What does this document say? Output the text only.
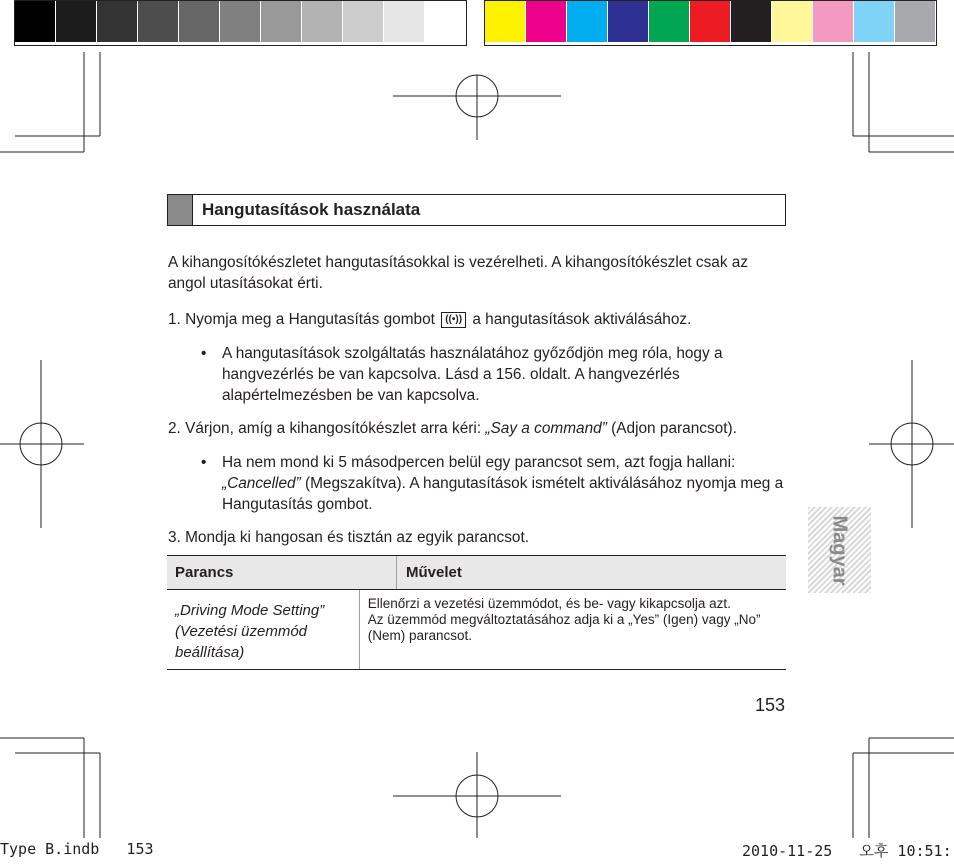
Hangutasítások használata
A kihangosítókészletet hangutasításokkal is vezérelheti. A kihangosítókészlet csak az angol utasításokat érti.
1. Nyomja meg a Hangutasítás gombot ((•)) a hangutasítások aktiválásához.
• A hangutasítások szolgáltatás használatához győződjön meg róla, hogy a hangvezérlés be van kapcsolva. Lásd a 156. oldalt. A hangvezérlés alapértelmezésben be van kapcsolva.
2. Várjon, amíg a kihangosítókészlet arra kéri: „Say a command” (Adjon parancsot).
• Ha nem mond ki 5 másodpercen belül egy parancsot sem, azt fogja hallani: „Cancelled” (Megszakítva). A hangutasítások ismételt aktiválásához nyomja meg a Hangutasítás gombot.
3. Mondja ki hangosan és tisztán az egyik parancsot.
Parancs	Művelet
„Driving Mode Setting” (Vezetési üzemmód beállítása)
Ellenőrzi a vezetési üzemmódot, és be- vagy kikapcsolja azt.
Az üzemmód megváltoztatásához adja ki a „Yes” (Igen) vagy „No” (Nem) parancsot.
Magyar
153
Type B.indb   153	2010-11-25   오후 10:51:
